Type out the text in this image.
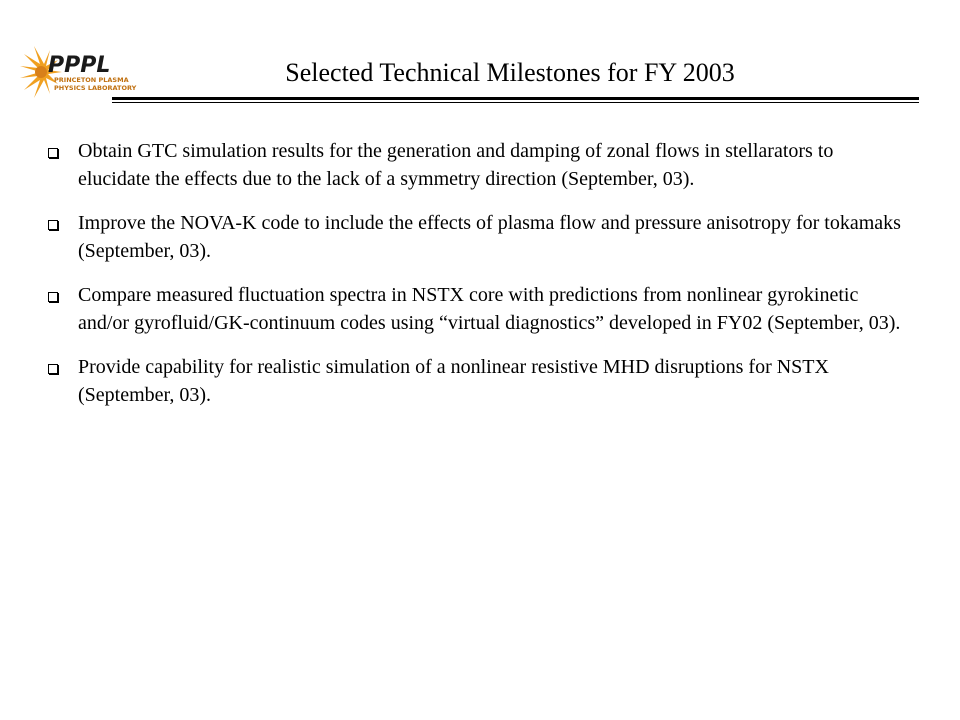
PPPL
PRINCETON PLASMA
PHYSICS LABORATORY
Selected Technical Milestones for FY 2003
Obtain GTC simulation results for the generation and damping of zonal flows in stellarators to elucidate the effects due to the lack of a symmetry direction (September, 03).
Improve the NOVA-K code to include the effects of plasma flow and pressure anisotropy for tokamaks (September, 03).
Compare measured fluctuation spectra in NSTX core with predictions from nonlinear gyrokinetic and/or gyrofluid/GK-continuum codes using “virtual diagnostics” developed in FY02 (September, 03).
Provide capability for realistic simulation of a nonlinear resistive MHD disruptions for NSTX (September, 03).
